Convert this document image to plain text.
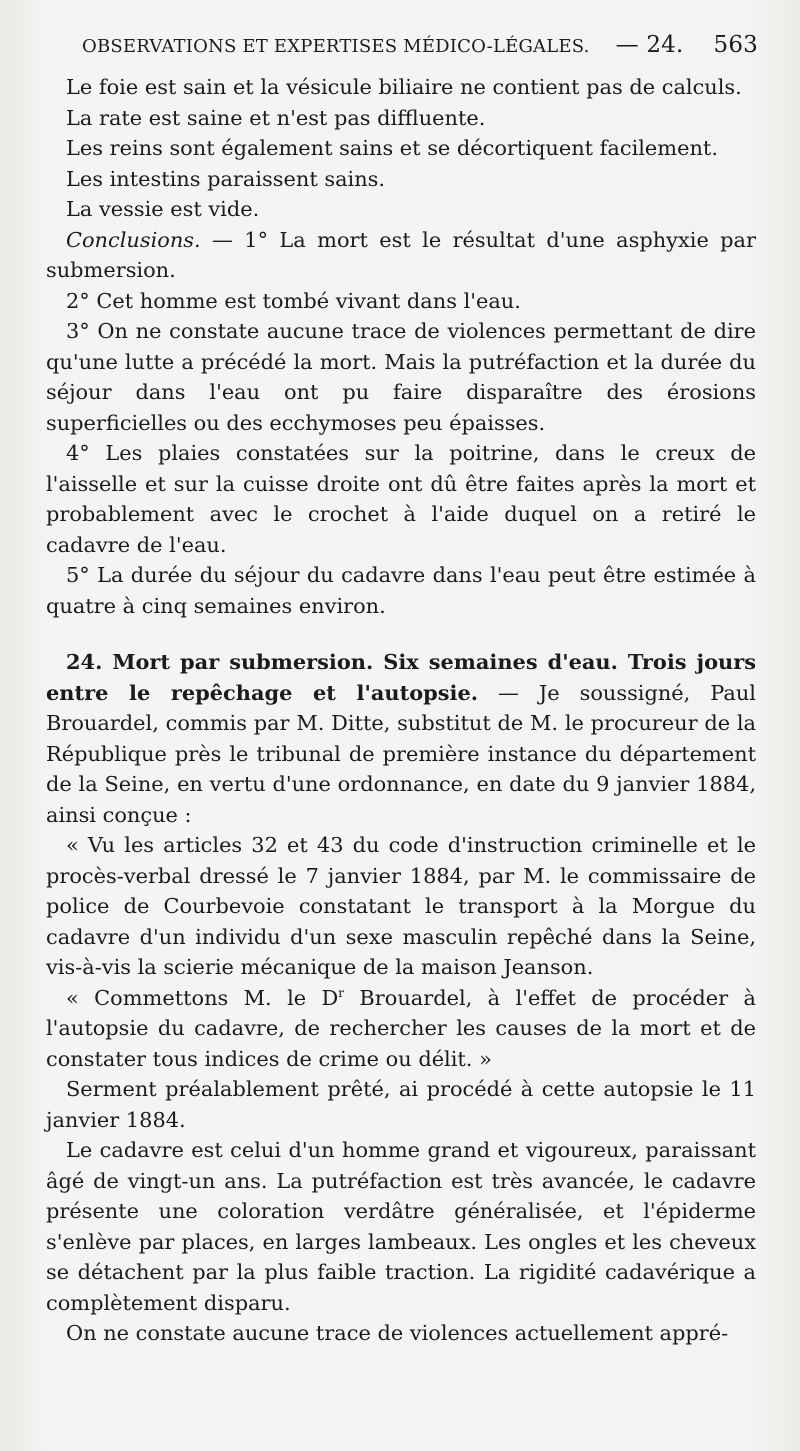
OBSERVATIONS ET EXPERTISES MÉDICO-LÉGALES. — 24. 563

Le foie est sain et la vésicule biliaire ne contient pas de calculs.

La rate est saine et n'est pas diffluente.

Les reins sont également sains et se décortiquent facilement.

Les intestins paraissent sains.

La vessie est vide.

Conclusions. — 1° La mort est le résultat d'une asphyxie par submersion.

2° Cet homme est tombé vivant dans l'eau.

3° On ne constate aucune trace de violences permettant de dire qu'une lutte a précédé la mort. Mais la putréfaction et la durée du séjour dans l'eau ont pu faire disparaître des érosions superficielles ou des ecchymoses peu épaisses.

4° Les plaies constatées sur la poitrine, dans le creux de l'aisselle et sur la cuisse droite ont dû être faites après la mort et probablement avec le crochet à l'aide duquel on a retiré le cadavre de l'eau.

5° La durée du séjour du cadavre dans l'eau peut être estimée à quatre à cinq semaines environ.

24. Mort par submersion. Six semaines d'eau. Trois jours entre le repêchage et l'autopsie. — Je soussigné, Paul Brouardel, commis par M. Ditte, substitut de M. le procureur de la République près le tribunal de première instance du département de la Seine, en vertu d'une ordonnance, en date du 9 janvier 1884, ainsi conçue :

« Vu les articles 32 et 43 du code d'instruction criminelle et le procès-verbal dressé le 7 janvier 1884, par M. le commissaire de police de Courbevoie constatant le transport à la Morgue du cadavre d'un individu d'un sexe masculin repêché dans la Seine, vis-à-vis la scierie mécanique de la maison Jeanson.

« Commettons M. le $D^r$ Brouardel, à l'effet de procéder à l'autopsie du cadavre, de rechercher les causes de la mort et de constater tous indices de crime ou délit. »

Serment préalablement prêté, ai procédé à cette autopsie le 11 janvier 1884.

Le cadavre est celui d'un homme grand et vigoureux, paraissant âgé de vingt-un ans. La putréfaction est très avancée, le cadavre présente une coloration verdâtre généralisée, et l'épiderme s'enlève par places, en larges lambeaux. Les ongles et les cheveux se détachent par la plus faible traction. La rigidité cadavérique a complètement disparu.

On ne constate aucune trace de violences actuellement appré-
